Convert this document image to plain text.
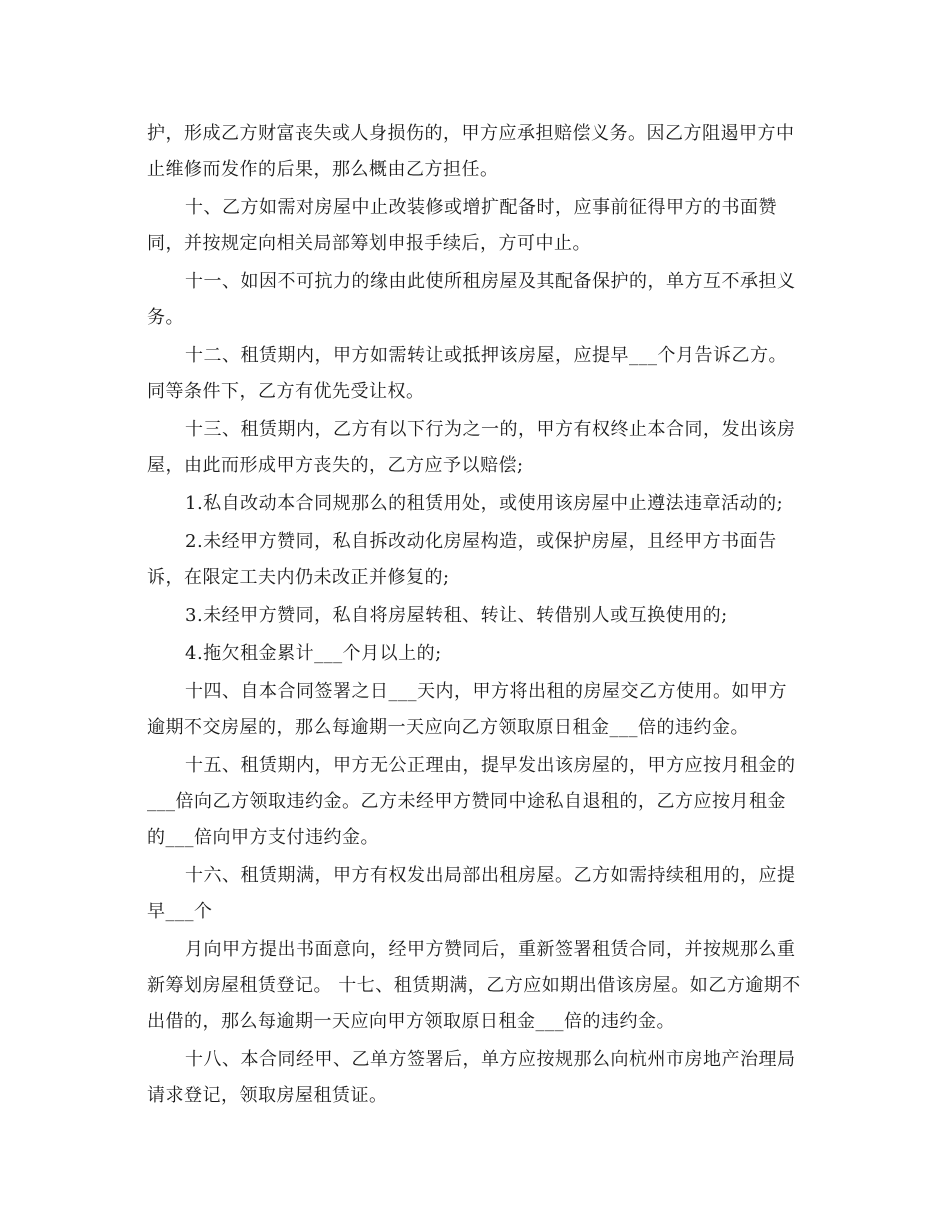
护，形成乙方财富丧失或人身损伤的，甲方应承担赔偿义务。因乙方阻遏甲方中
止维修而发作的后果，那么概由乙方担任。
十、乙方如需对房屋中止改装修或增扩配备时，应事前征得甲方的书面赞
同，并按规定向相关局部筹划申报手续后，方可中止。
十一、如因不可抗力的缘由此使所租房屋及其配备保护的，单方互不承担义
务。
十二、租赁期内，甲方如需转让或抵押该房屋，应提早___个月告诉乙方。
同等条件下，乙方有优先受让权。
十三、租赁期内，乙方有以下行为之一的，甲方有权终止本合同，发出该房
屋，由此而形成甲方丧失的，乙方应予以赔偿;
1.私自改动本合同规那么的租赁用处，或使用该房屋中止遵法违章活动的;
2.未经甲方赞同，私自拆改动化房屋构造，或保护房屋，且经甲方书面告
诉，在限定工夫内仍未改正并修复的;
3.未经甲方赞同，私自将房屋转租、转让、转借别人或互换使用的;
4.拖欠租金累计___个月以上的;
十四、自本合同签署之日___天内，甲方将出租的房屋交乙方使用。如甲方
逾期不交房屋的，那么每逾期一天应向乙方领取原日租金___倍的违约金。
十五、租赁期内，甲方无公正理由，提早发出该房屋的，甲方应按月租金的
___倍向乙方领取违约金。乙方未经甲方赞同中途私自退租的，乙方应按月租金
的___倍向甲方支付违约金。
十六、租赁期满，甲方有权发出局部出租房屋。乙方如需持续租用的，应提
早___个
月向甲方提出书面意向，经甲方赞同后，重新签署租赁合同，并按规那么重
新筹划房屋租赁登记。 十七、租赁期满，乙方应如期出借该房屋。如乙方逾期不
出借的，那么每逾期一天应向甲方领取原日租金___倍的违约金。
十八、本合同经甲、乙单方签署后，单方应按规那么向杭州市房地产治理局
请求登记，领取房屋租赁证。
